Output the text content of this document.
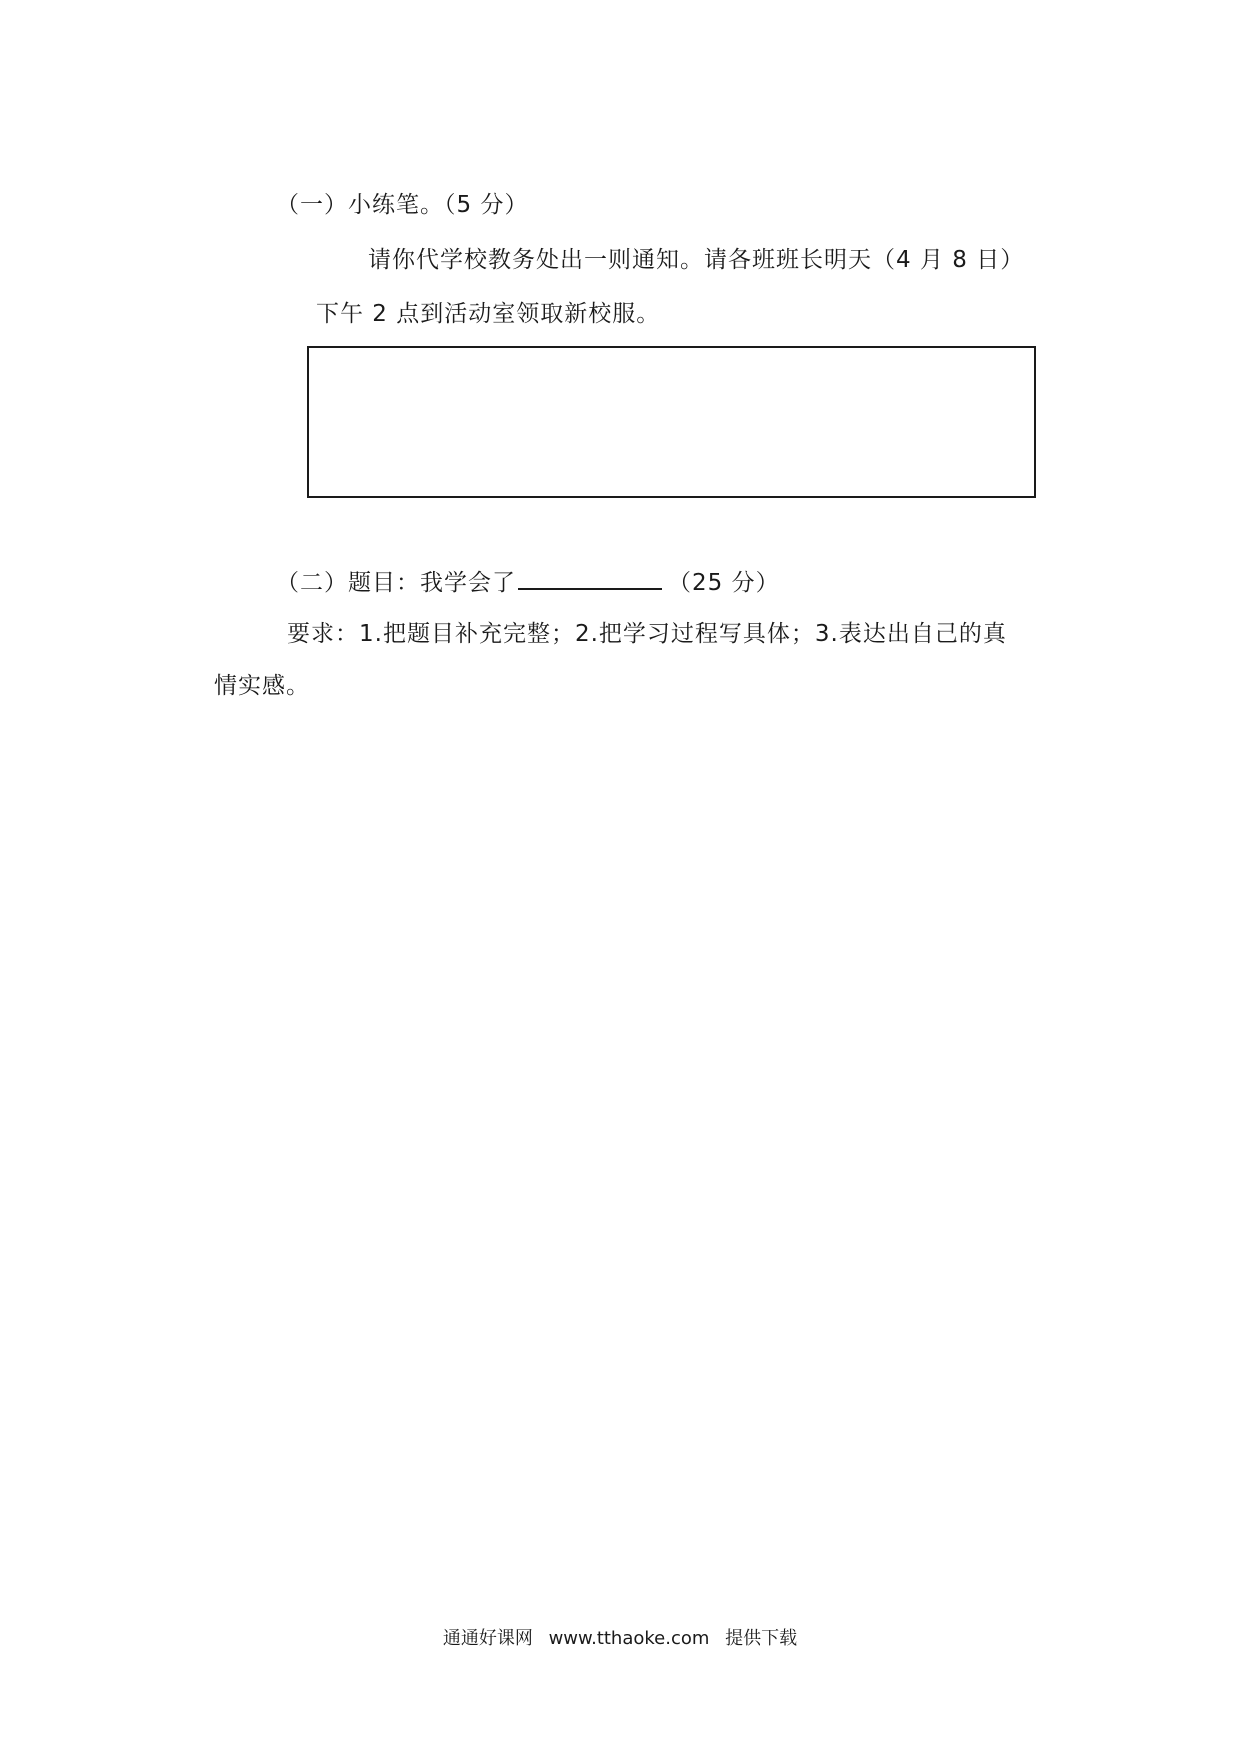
（一）小练笔。（5 分）
请你代学校教务处出一则通知。请各班班长明天（4 月 8 日）
下午 2 点到活动室领取新校服。
（二）题目：我学会了	（25 分）
要求：1.把题目补充完整；2.把学习过程写具体；3.表达出自己的真
情实感。
通通好课网 www.tthaoke.com 提供下载
